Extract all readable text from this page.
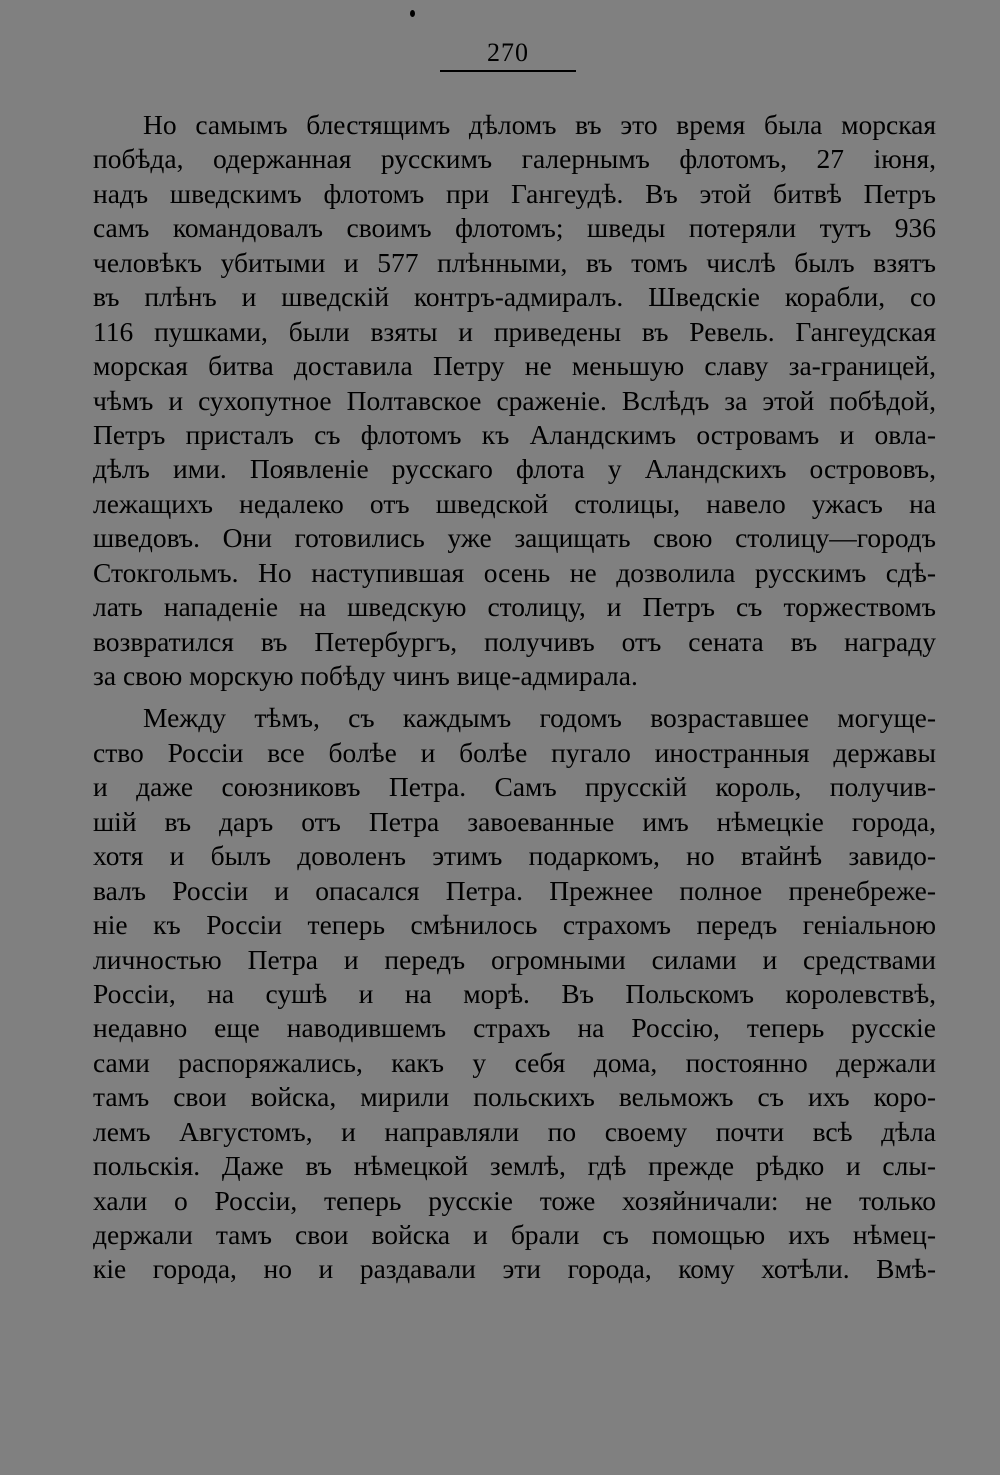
270
Но самымъ блестящимъ дѣломъ въ это время была морская
побѣда, одержанная русскимъ галернымъ флотомъ, 27 іюня,
надъ шведскимъ флотомъ при Гангеудѣ. Въ этой битвѣ Петръ
самъ командовалъ своимъ флотомъ; шведы потеряли тутъ 936
человѣкъ убитыми и 577 плѣнными, въ томъ числѣ былъ взятъ
въ плѣнъ и шведскій контръ-адмиралъ. Шведскіе корабли, со
116 пушками, были взяты и приведены въ Ревель. Гангеудская
морская битва доставила Петру не меньшую славу за-границей,
чѣмъ и сухопутное Полтавское сраженіе. Вслѣдъ за этой побѣдой,
Петръ присталъ съ флотомъ къ Аландскимъ островамъ и овла-
дѣлъ ими. Появленіе русскаго флота у Аландскихъ острововъ,
лежащихъ недалеко отъ шведской столицы, навело ужасъ на
шведовъ. Они готовились уже защищать свою столицу—городъ
Стокгольмъ. Но наступившая осень не дозволила русскимъ сдѣ-
лать нападеніе на шведскую столицу, и Петръ съ торжествомъ
возвратился въ Петербургъ, получивъ отъ сената въ награду
за свою морскую побѣду чинъ вице-адмирала.
Между тѣмъ, съ каждымъ годомъ возраставшее могуще-
ство Россіи все болѣе и болѣе пугало иностранныя державы
и даже союзниковъ Петра. Самъ прусскій король, получив-
шій въ даръ отъ Петра завоеванные имъ нѣмецкіе города,
хотя и былъ доволенъ этимъ подаркомъ, но втайнѣ завидо-
валъ Россіи и опасался Петра. Прежнее полное пренебреже-
ніе къ Россіи теперь смѣнилось страхомъ передъ геніальною
личностью Петра и передъ огромными силами и средствами
Россіи, на сушѣ и на морѣ. Въ Польскомъ королевствѣ,
недавно еще наводившемъ страхъ на Россію, теперь русскіе
сами распоряжались, какъ у себя дома, постоянно держали
тамъ свои войска, мирили польскихъ вельможъ съ ихъ коро-
лемъ Августомъ, и направляли по своему почти всѣ дѣла
польскія. Даже въ нѣмецкой землѣ, гдѣ прежде рѣдко и слы-
хали о Россіи, теперь русскіе тоже хозяйничали: не только
держали тамъ свои войска и брали съ помощью ихъ нѣмец-
кіе города, но и раздавали эти города, кому хотѣли. Вмѣ-
